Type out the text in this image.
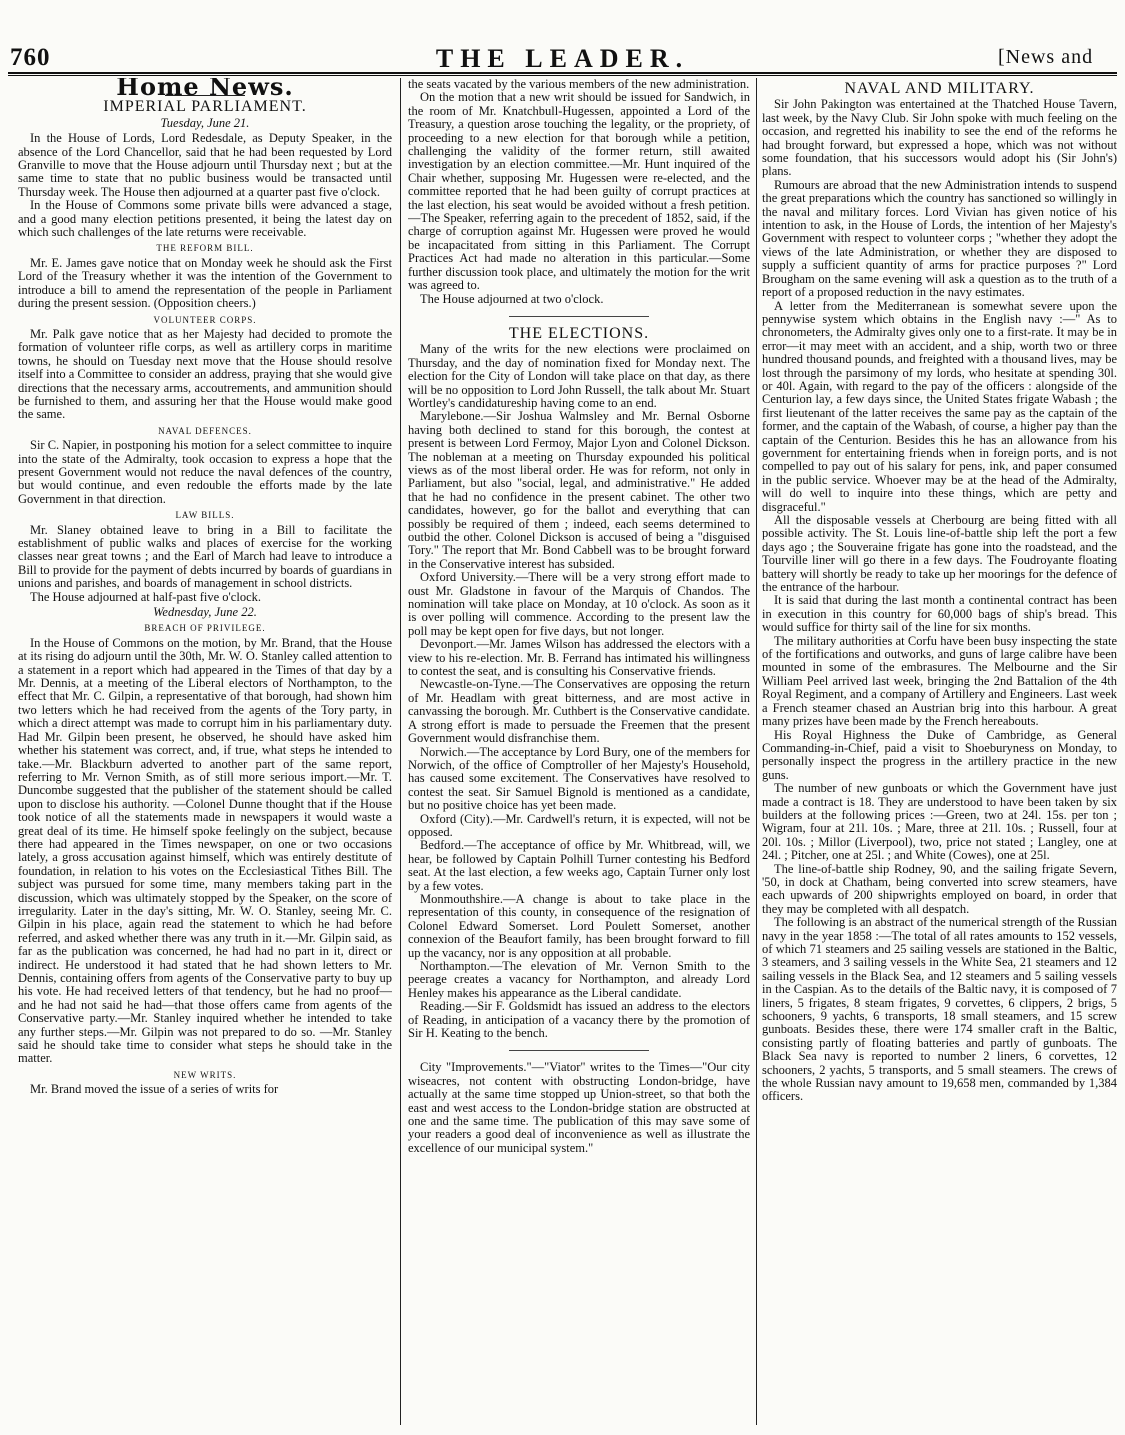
760	THE LEADER.	[News and
Home News.
IMPERIAL PARLIAMENT.

Tuesday, June 21.

In the House of Lords, Lord Redesdale, as Deputy Speaker, in the absence of the Lord Chancellor, said that he had been requested by Lord Granville to move that the House adjourn until Thursday next ; but at the same time to state that no public business would be transacted until Thursday week. The House then adjourned at a quarter past five o'clock.

In the House of Commons some private bills were advanced a stage, and a good many election petitions presented, it being the latest day on which such challenges of the late returns were receivable.

THE REFORM BILL.

Mr. E. James gave notice that on Monday week he should ask the First Lord of the Treasury whether it was the intention of the Government to introduce a bill to amend the representation of the people in Parliament during the present session. (Opposition cheers.)

VOLUNTEER CORPS.

Mr. Palk gave notice that as her Majesty had decided to promote the formation of volunteer rifle corps, as well as artillery corps in maritime towns, he should on Tuesday next move that the House should resolve itself into a Committee to consider an address, praying that she would give directions that the necessary arms, accoutrements, and ammunition should be furnished to them, and assuring her that the House would make good the same.

NAVAL DEFENCES.

Sir C. Napier, in postponing his motion for a select committee to inquire into the state of the Admiralty, took occasion to express a hope that the present Government would not reduce the naval defences of the country, but would continue, and even redouble the efforts made by the late Government in that direction.

LAW BILLS.

Mr. Slaney obtained leave to bring in a Bill to facilitate the establishment of public walks and places of exercise for the working classes near great towns ; and the Earl of March had leave to introduce a Bill to provide for the payment of debts incurred by boards of guardians in unions and parishes, and boards of management in school districts.

The House adjourned at half-past five o'clock.

Wednesday, June 22.

BREACH OF PRIVILEGE.

In the House of Commons on the motion, by Mr. Brand, that the House at its rising do adjourn until the 30th, Mr. W. O. Stanley called attention to a statement in a report which had appeared in the Times of that day by a Mr. Dennis, at a meeting of the Liberal electors of Northampton, to the effect that Mr. C. Gilpin, a representative of that borough, had shown him two letters which he had received from the agents of the Tory party, in which a direct attempt was made to corrupt him in his parliamentary duty. Had Mr. Gilpin been present, he observed, he should have asked him whether his statement was correct, and, if true, what steps he intended to take.—Mr. Blackburn adverted to another part of the same report, referring to Mr. Vernon Smith, as of still more serious import.—Mr. T. Duncombe suggested that the publisher of the statement should be called upon to disclose his authority. —Colonel Dunne thought that if the House took notice of all the statements made in newspapers it would waste a great deal of its time. He himself spoke feelingly on the subject, because there had appeared in the Times newspaper, on one or two occasions lately, a gross accusation against himself, which was entirely destitute of foundation, in relation to his votes on the Ecclesiastical Tithes Bill. The subject was pursued for some time, many members taking part in the discussion, which was ultimately stopped by the Speaker, on the score of irregularity. Later in the day's sitting, Mr. W. O. Stanley, seeing Mr. C. Gilpin in his place, again read the statement to which he had before referred, and asked whether there was any truth in it.—Mr. Gilpin said, as far as the publication was concerned, he had had no part in it, direct or indirect. He understood it had stated that he had shown letters to Mr. Dennis, containing offers from agents of the Conservative party to buy up his vote. He had received letters of that tendency, but he had no proof—and he had not said he had—that those offers came from agents of the Conservative party.—Mr. Stanley inquired whether he intended to take any further steps.—Mr. Gilpin was not prepared to do so. —Mr. Stanley said he should take time to consider what steps he should take in the matter.

NEW WRITS.

Mr. Brand moved the issue of a series of writs for

the seats vacated by the various members of the new administration.

On the motion that a new writ should be issued for Sandwich, in the room of Mr. Knatchbull-Hugessen, appointed a Lord of the Treasury, a question arose touching the legality, or the propriety, of proceeding to a new election for that borough while a petition, challenging the validity of the former return, still awaited investigation by an election committee.—Mr. Hunt inquired of the Chair whether, supposing Mr. Hugessen were re-elected, and the committee reported that he had been guilty of corrupt practices at the last election, his seat would be avoided without a fresh petition.—The Speaker, referring again to the precedent of 1852, said, if the charge of corruption against Mr. Hugessen were proved he would be incapacitated from sitting in this Parliament. The Corrupt Practices Act had made no alteration in this particular.—Some further discussion took place, and ultimately the motion for the writ was agreed to.

The House adjourned at two o'clock.

THE ELECTIONS.

Many of the writs for the new elections were proclaimed on Thursday, and the day of nomination fixed for Monday next. The election for the City of London will take place on that day, as there will be no opposition to Lord John Russell, the talk about Mr. Stuart Wortley's candidatureship having come to an end.

Marylebone.—Sir Joshua Walmsley and Mr. Bernal Osborne having both declined to stand for this borough, the contest at present is between Lord Fermoy, Major Lyon and Colonel Dickson. The nobleman at a meeting on Thursday expounded his political views as of the most liberal order. He was for reform, not only in Parliament, but also "social, legal, and administrative." He added that he had no confidence in the present cabinet. The other two candidates, however, go for the ballot and everything that can possibly be required of them ; indeed, each seems determined to outbid the other. Colonel Dickson is accused of being a "disguised Tory." The report that Mr. Bond Cabbell was to be brought forward in the Conservative interest has subsided.

Oxford University.—There will be a very strong effort made to oust Mr. Gladstone in favour of the Marquis of Chandos. The nomination will take place on Monday, at 10 o'clock. As soon as it is over polling will commence. According to the present law the poll may be kept open for five days, but not longer.

Devonport.—Mr. James Wilson has addressed the electors with a view to his re-election. Mr. B. Ferrand has intimated his willingness to contest the seat, and is consulting his Conservative friends.

Newcastle-on-Tyne.—The Conservatives are opposing the return of Mr. Headlam with great bitterness, and are most active in canvassing the borough. Mr. Cuthbert is the Conservative candidate. A strong effort is made to persuade the Freemen that the present Government would disfranchise them.

Norwich.—The acceptance by Lord Bury, one of the members for Norwich, of the office of Comptroller of her Majesty's Household, has caused some excitement. The Conservatives have resolved to contest the seat. Sir Samuel Bignold is mentioned as a candidate, but no positive choice has yet been made.

Oxford (City).—Mr. Cardwell's return, it is expected, will not be opposed.

Bedford.—The acceptance of office by Mr. Whitbread, will, we hear, be followed by Captain Polhill Turner contesting his Bedford seat. At the last election, a few weeks ago, Captain Turner only lost by a few votes.

Monmouthshire.—A change is about to take place in the representation of this county, in consequence of the resignation of Colonel Edward Somerset. Lord Poulett Somerset, another connexion of the Beaufort family, has been brought forward to fill up the vacancy, nor is any opposition at all probable.

Northampton.—The elevation of Mr. Vernon Smith to the peerage creates a vacancy for Northampton, and already Lord Henley makes his appearance as the Liberal candidate.

Reading.—Sir F. Goldsmidt has issued an address to the electors of Reading, in anticipation of a vacancy there by the promotion of Sir H. Keating to the bench.

City "Improvements."—"Viator" writes to the Times—"Our city wiseacres, not content with obstructing London-bridge, have actually at the same time stopped up Union-street, so that both the east and west access to the London-bridge station are obstructed at one and the same time. The publication of this may save some of your readers a good deal of inconvenience as well as illustrate the excellence of our municipal system."

NAVAL AND MILITARY.

Sir John Pakington was entertained at the Thatched House Tavern, last week, by the Navy Club. Sir John spoke with much feeling on the occasion, and regretted his inability to see the end of the reforms he had brought forward, but expressed a hope, which was not without some foundation, that his successors would adopt his (Sir John's) plans.

Rumours are abroad that the new Administration intends to suspend the great preparations which the country has sanctioned so willingly in the naval and military forces. Lord Vivian has given notice of his intention to ask, in the House of Lords, the intention of her Majesty's Government with respect to volunteer corps ; "whether they adopt the views of the late Administration, or whether they are disposed to supply a sufficient quantity of arms for practice purposes ?" Lord Brougham on the same evening will ask a question as to the truth of a report of a proposed reduction in the navy estimates.

A letter from the Mediterranean is somewhat severe upon the pennywise system which obtains in the English navy :—" As to chronometers, the Admiralty gives only one to a first-rate. It may be in error—it may meet with an accident, and a ship, worth two or three hundred thousand pounds, and freighted with a thousand lives, may be lost through the parsimony of my lords, who hesitate at spending 30l. or 40l. Again, with regard to the pay of the officers : alongside of the Centurion lay, a few days since, the United States frigate Wabash ; the first lieutenant of the latter receives the same pay as the captain of the former, and the captain of the Wabash, of course, a higher pay than the captain of the Centurion. Besides this he has an allowance from his government for entertaining friends when in foreign ports, and is not compelled to pay out of his salary for pens, ink, and paper consumed in the public service. Whoever may be at the head of the Admiralty, will do well to inquire into these things, which are petty and disgraceful."

All the disposable vessels at Cherbourg are being fitted with all possible activity. The St. Louis line-of-battle ship left the port a few days ago ; the Souveraine frigate has gone into the roadstead, and the Tourville liner will go there in a few days. The Foudroyante floating battery will shortly be ready to take up her moorings for the defence of the entrance of the harbour.

It is said that during the last month a continental contract has been in execution in this country for 60,000 bags of ship's bread. This would suffice for thirty sail of the line for six months.

The military authorities at Corfu have been busy inspecting the state of the fortifications and outworks, and guns of large calibre have been mounted in some of the embrasures. The Melbourne and the Sir William Peel arrived last week, bringing the 2nd Battalion of the 4th Royal Regiment, and a company of Artillery and Engineers. Last week a French steamer chased an Austrian brig into this harbour. A great many prizes have been made by the French hereabouts.

His Royal Highness the Duke of Cambridge, as General Commanding-in-Chief, paid a visit to Shoeburyness on Monday, to personally inspect the progress in the artillery practice in the new guns.

The number of new gunboats or which the Government have just made a contract is 18. They are understood to have been taken by six builders at the following prices :—Green, two at 24l. 15s. per ton ; Wigram, four at 21l. 10s. ; Mare, three at 21l. 10s. ; Russell, four at 20l. 10s. ; Millor (Liverpool), two, price not stated ; Langley, one at 24l. ; Pitcher, one at 25l. ; and White (Cowes), one at 25l.

The line-of-battle ship Rodney, 90, and the sailing frigate Severn, '50, in dock at Chatham, being converted into screw steamers, have each upwards of 200 shipwrights employed on board, in order that they may be completed with all despatch.

The following is an abstract of the numerical strength of the Russian navy in the year 1858 :—The total of all rates amounts to 152 vessels, of which 71 steamers and 25 sailing vessels are stationed in the Baltic, 3 steamers, and 3 sailing vessels in the White Sea, 21 steamers and 12 sailing vessels in the Black Sea, and 12 steamers and 5 sailing vessels in the Caspian. As to the details of the Baltic navy, it is composed of 7 liners, 5 frigates, 8 steam frigates, 9 corvettes, 6 clippers, 2 brigs, 5 schooners, 9 yachts, 6 transports, 18 small steamers, and 15 screw gunboats. Besides these, there were 174 smaller craft in the Baltic, consisting partly of floating batteries and partly of gunboats. The Black Sea navy is reported to number 2 liners, 6 corvettes, 12 schooners, 2 yachts, 5 transports, and 5 small steamers. The crews of the whole Russian navy amount to 19,658 men, commanded by 1,384 officers.
